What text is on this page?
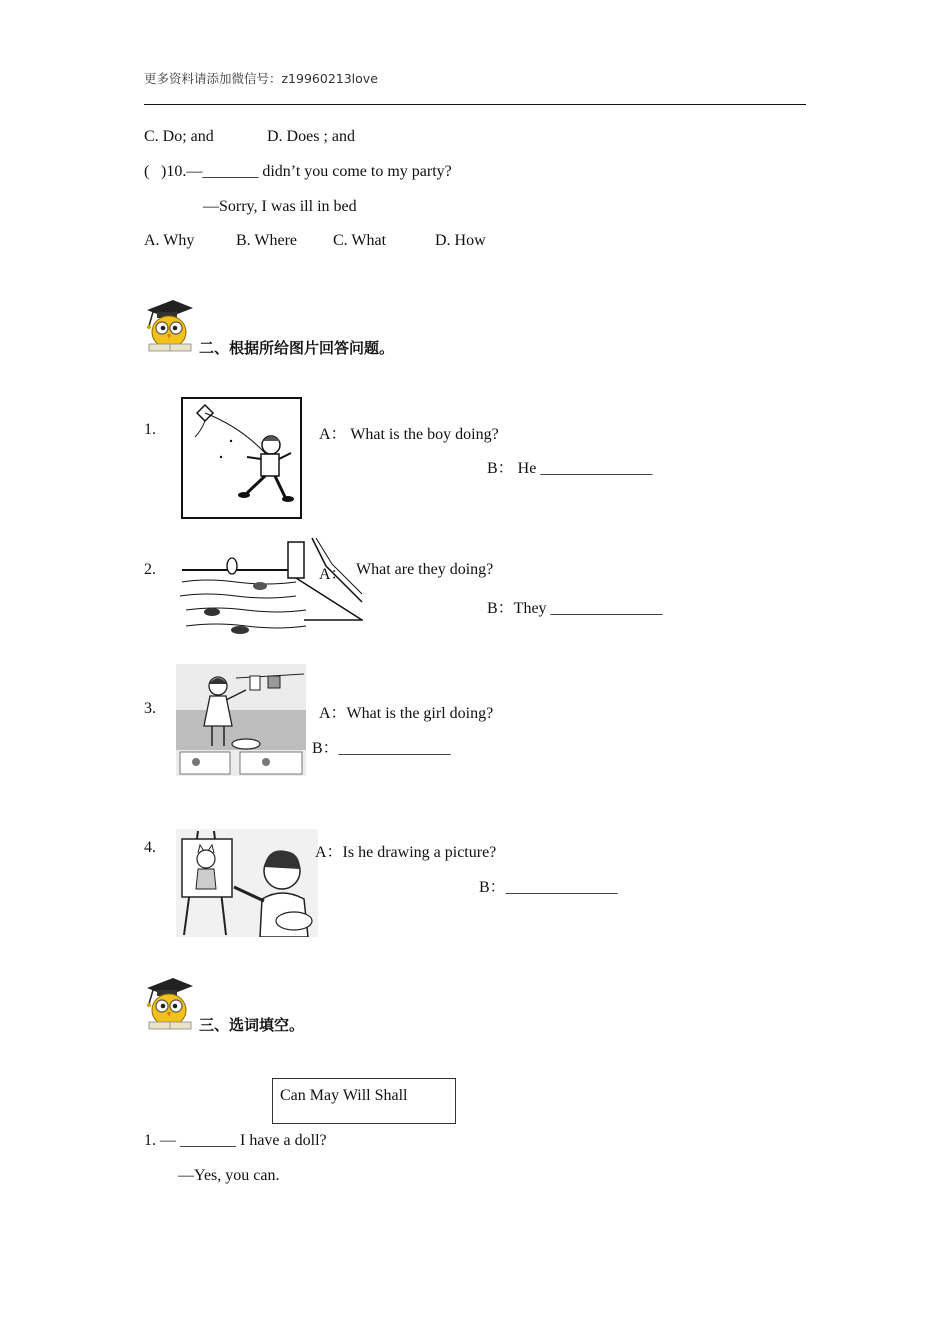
更多资料请添加微信号：z19960213love
C. Do; and	D. Does ; and
( )10.—_______ didn’t you come to my party?
—Sorry, I was ill in bed
A. Why	B. Where C. What	D. How
二、根据所给图片回答问题。
1.	A： What is the boy doing?
B： He ______________
2.	A： What are they doing?
B：They ______________
3.	A：What is the girl doing?
B：______________
4.	A：Is he drawing a picture?
B：______________
三、选词填空。
Can May Will Shall
1. — _______ I have a doll?
—Yes, you can.
